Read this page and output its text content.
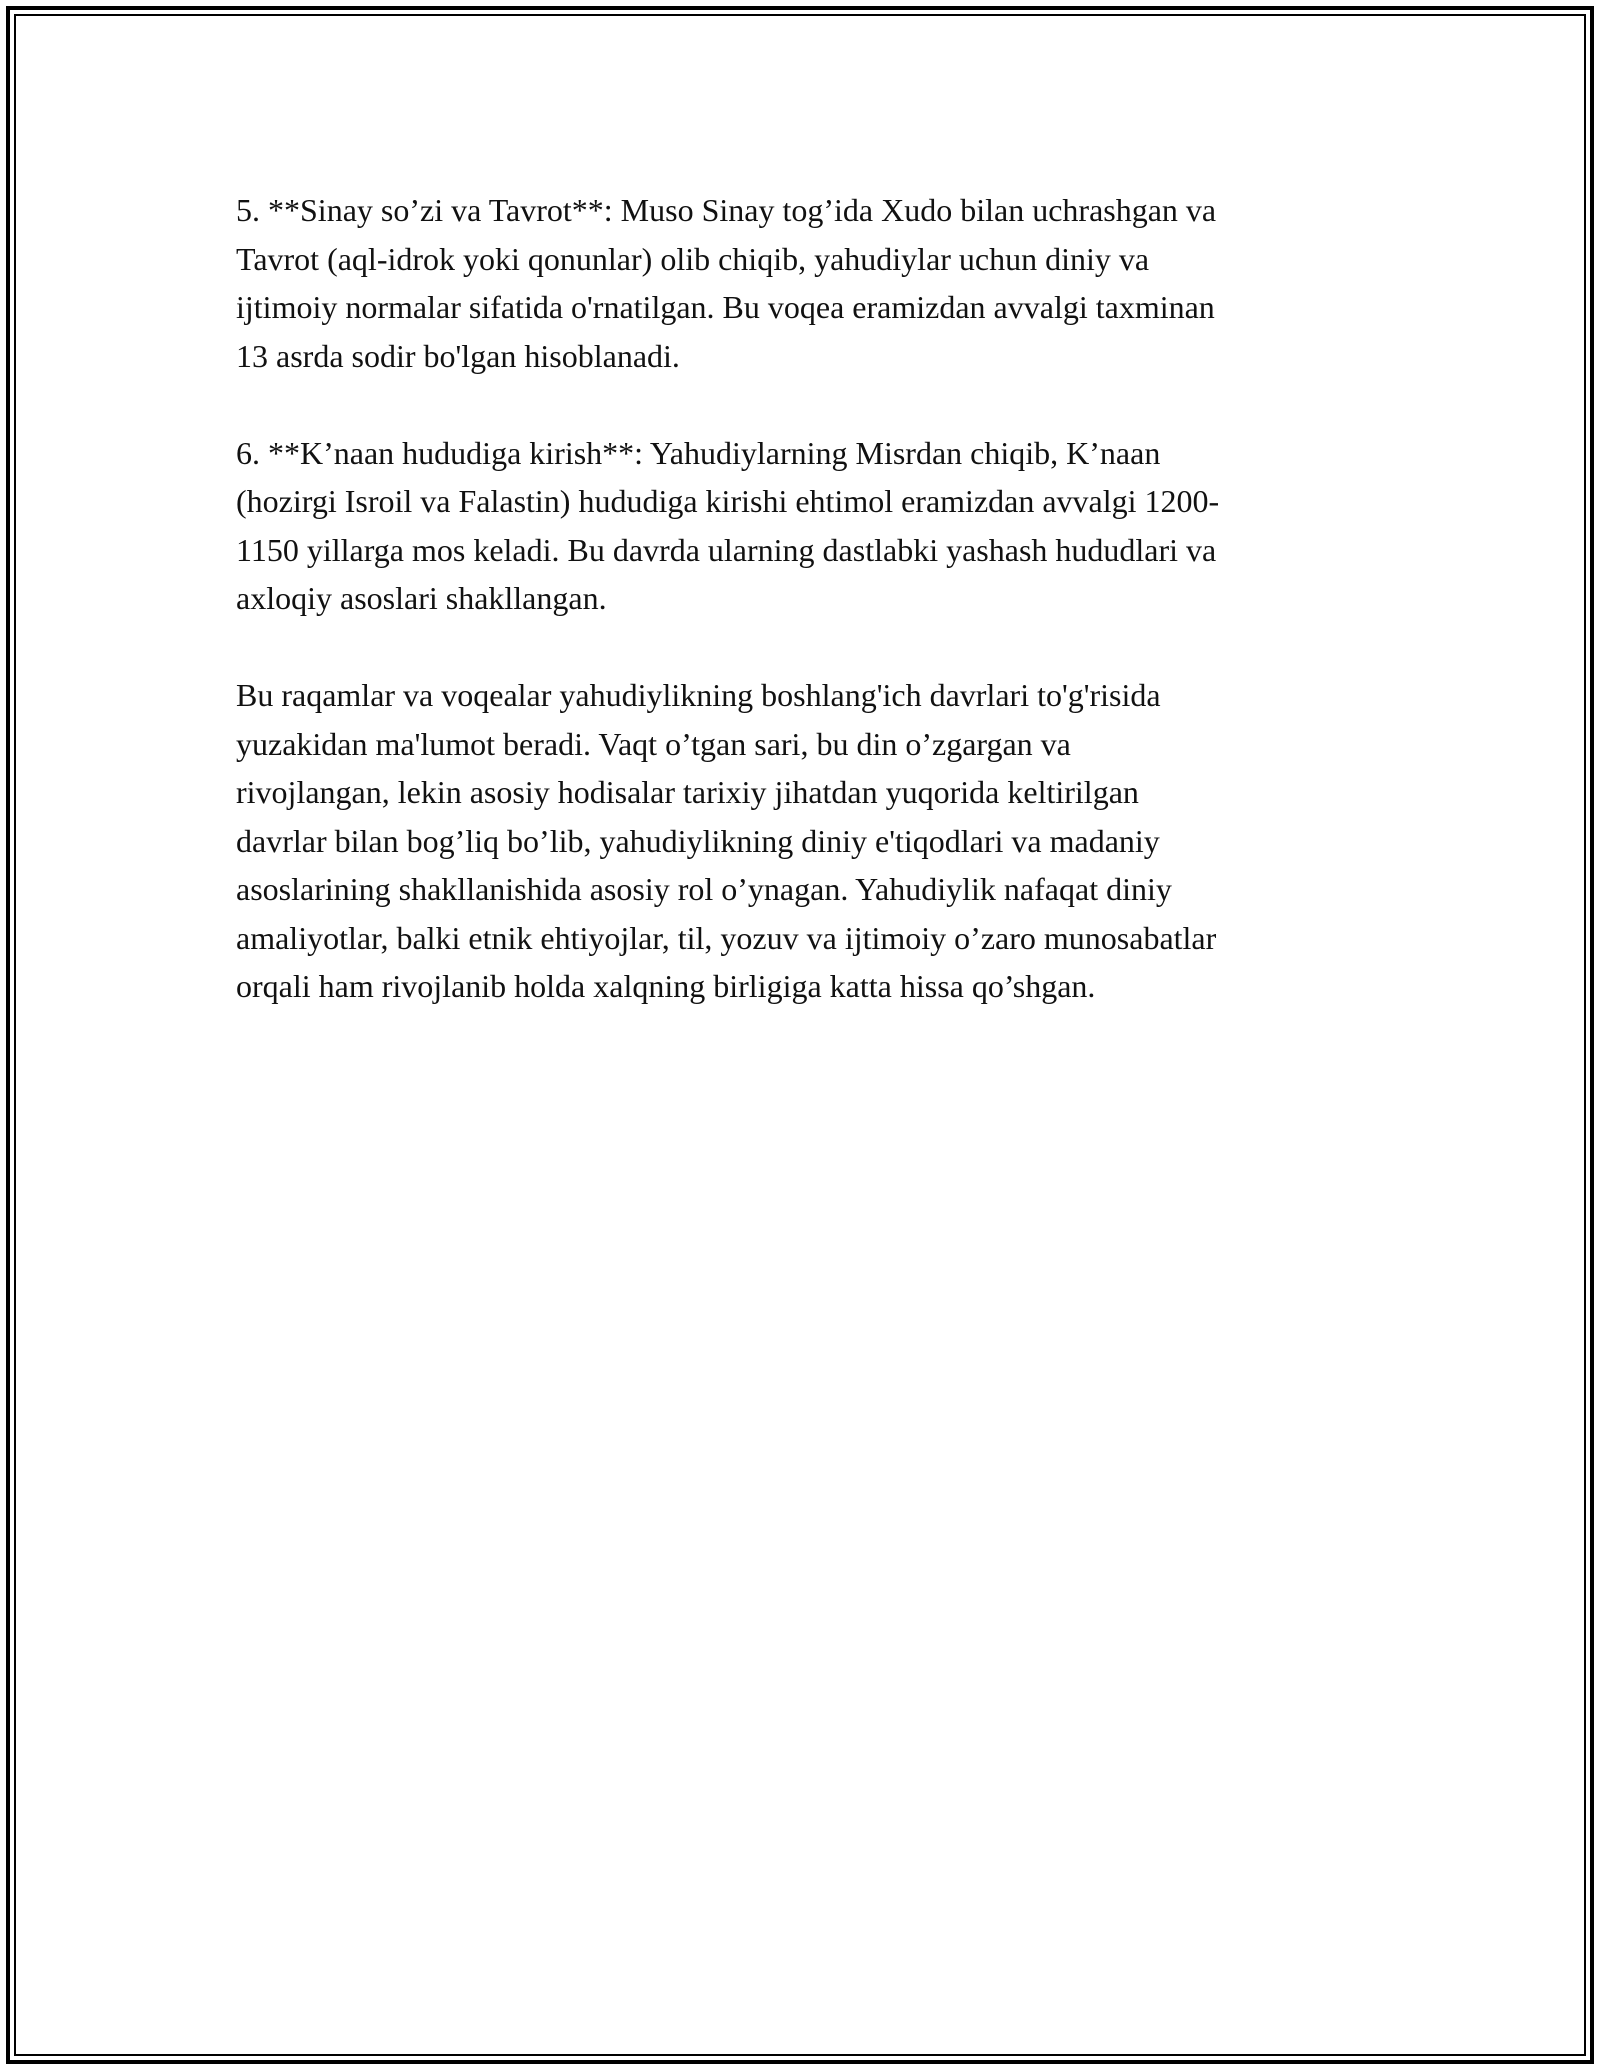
5. **Sinay so’zi va Tavrot**: Muso Sinay tog’ida Xudo bilan uchrashgan va
Tavrot (aql-idrok yoki qonunlar) olib chiqib, yahudiylar uchun diniy va
ijtimoiy normalar sifatida o'rnatilgan. Bu voqea eramizdan avvalgi taxminan
13 asrda sodir bo'lgan hisoblanadi.

6. **K’naan hududiga kirish**: Yahudiylarning Misrdan chiqib, K’naan
(hozirgi Isroil va Falastin) hududiga kirishi ehtimol eramizdan avvalgi 1200-
1150 yillarga mos keladi. Bu davrda ularning dastlabki yashash hududlari va
axloqiy asoslari shakllangan.

Bu raqamlar va voqealar yahudiylikning boshlang'ich davrlari to'g'risida
yuzakidan ma'lumot beradi. Vaqt o’tgan sari, bu din o’zgargan va
rivojlangan, lekin asosiy hodisalar tarixiy jihatdan yuqorida keltirilgan
davrlar bilan bog’liq bo’lib, yahudiylikning diniy e'tiqodlari va madaniy
asoslarining shakllanishida asosiy rol o’ynagan. Yahudiylik nafaqat diniy
amaliyotlar, balki etnik ehtiyojlar, til, yozuv va ijtimoiy o’zaro munosabatlar
orqali ham rivojlanib holda xalqning birligiga katta hissa qo’shgan.
